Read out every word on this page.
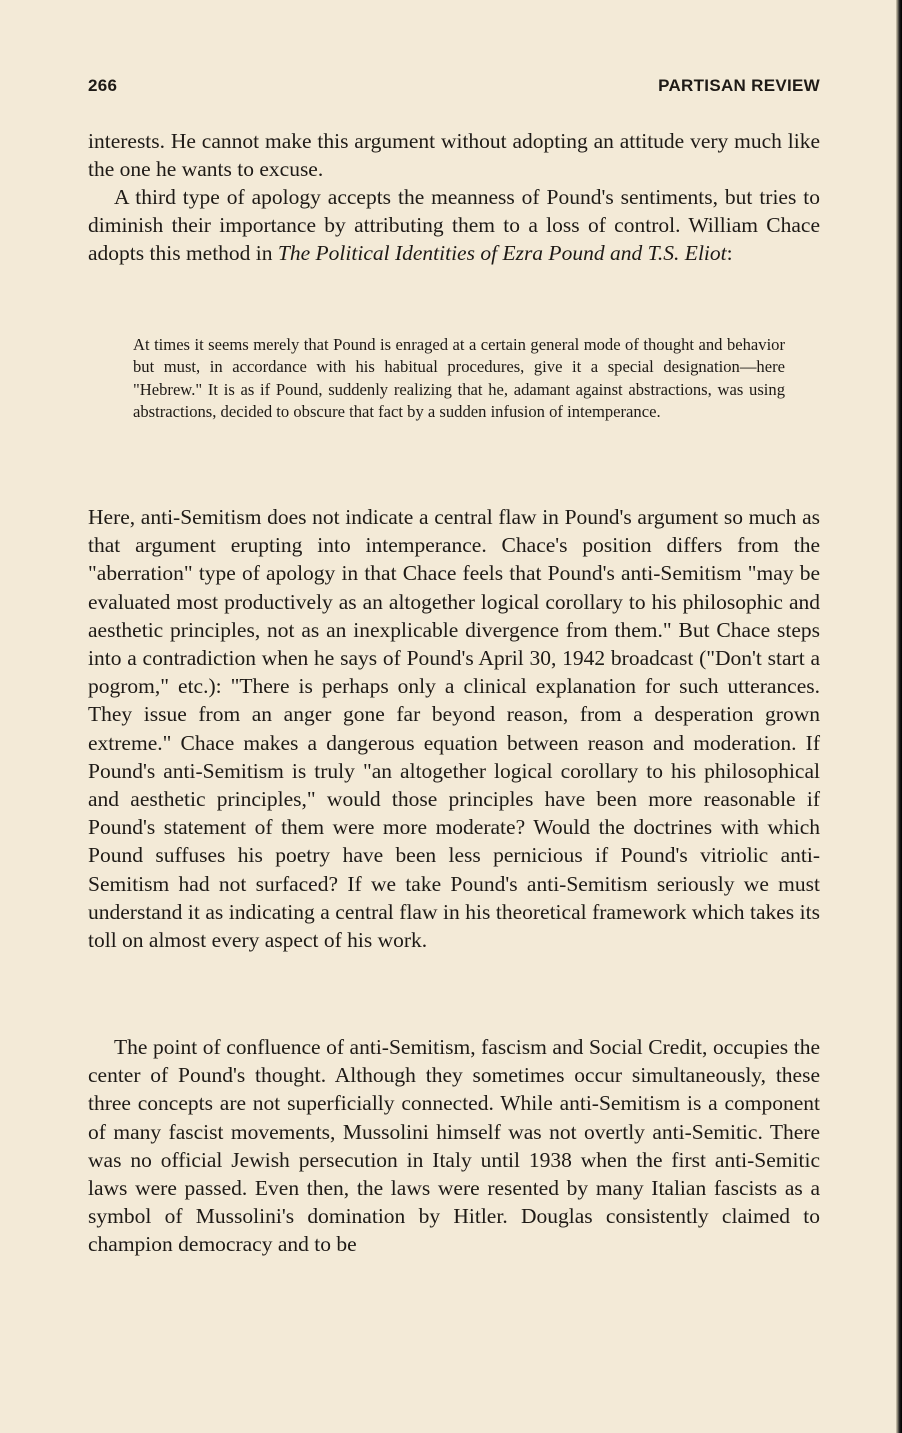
266	PARTISAN REVIEW

interests. He cannot make this argument without adopting an attitude very much like the one he wants to excuse.

A third type of apology accepts the meanness of Pound's sentiments, but tries to diminish their importance by attributing them to a loss of control. William Chace adopts this method in The Political Identities of Ezra Pound and T.S. Eliot:

At times it seems merely that Pound is enraged at a certain general mode of thought and behavior but must, in accordance with his habitual procedures, give it a special designation—here "Hebrew." It is as if Pound, suddenly realizing that he, adamant against abstractions, was using abstractions, decided to obscure that fact by a sudden infusion of intemperance.

Here, anti-Semitism does not indicate a central flaw in Pound's argument so much as that argument erupting into intemperance. Chace's position differs from the "aberration" type of apology in that Chace feels that Pound's anti-Semitism "may be evaluated most productively as an altogether logical corollary to his philosophic and aesthetic principles, not as an inexplicable divergence from them." But Chace steps into a contradiction when he says of Pound's April 30, 1942 broadcast ("Don't start a pogrom," etc.): "There is perhaps only a clinical explanation for such utterances. They issue from an anger gone far beyond reason, from a desperation grown extreme." Chace makes a dangerous equation between reason and moderation. If Pound's anti-Semitism is truly "an altogether logical corollary to his philosophical and aesthetic principles," would those principles have been more reasonable if Pound's statement of them were more moderate? Would the doctrines with which Pound suffuses his poetry have been less pernicious if Pound's vitriolic anti-Semitism had not surfaced? If we take Pound's anti-Semitism seriously we must understand it as indicating a central flaw in his theoretical framework which takes its toll on almost every aspect of his work.

The point of confluence of anti-Semitism, fascism and Social Credit, occupies the center of Pound's thought. Although they sometimes occur simultaneously, these three concepts are not superficially connected. While anti-Semitism is a component of many fascist movements, Mussolini himself was not overtly anti-Semitic. There was no official Jewish persecution in Italy until 1938 when the first anti-Semitic laws were passed. Even then, the laws were resented by many Italian fascists as a symbol of Mussolini's domination by Hitler. Douglas consistently claimed to champion democracy and to be
